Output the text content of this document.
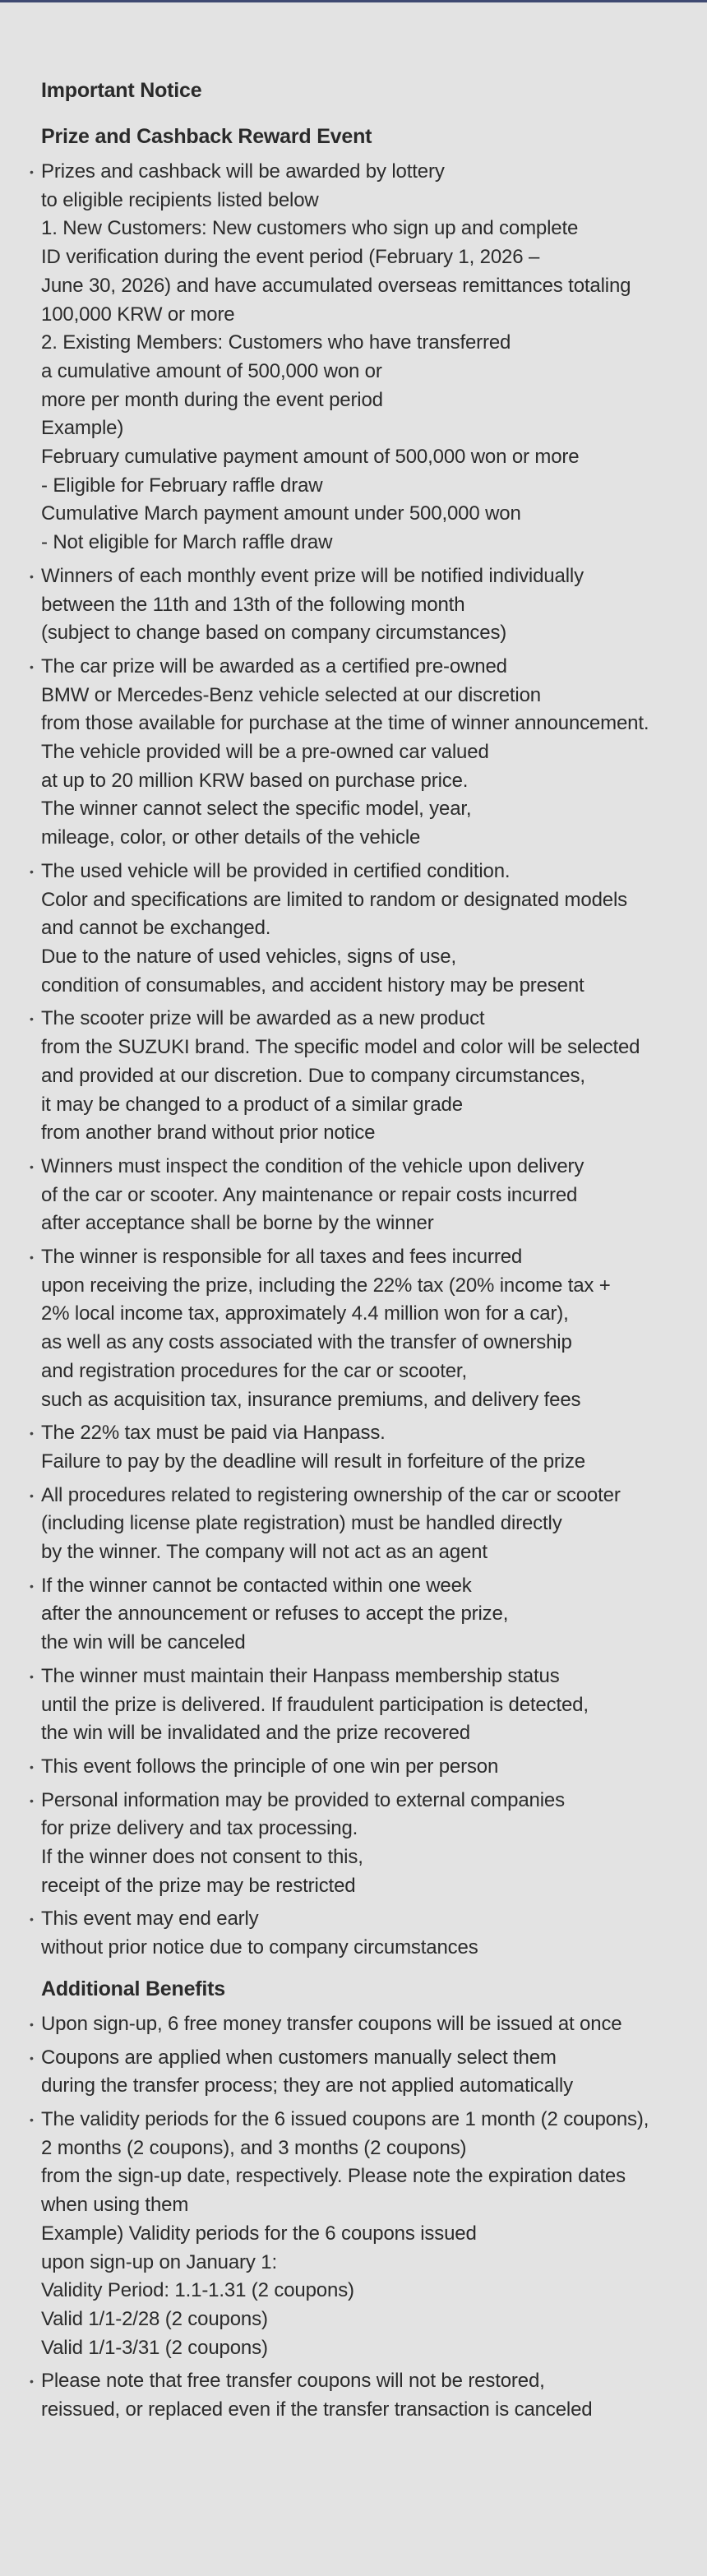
Important Notice
Prize and Cashback Reward Event
• Prizes and cashback will be awarded by lottery
to eligible recipients listed below
1. New Customers: New customers who sign up and complete
ID verification during the event period (February 1, 2026 –
June 30, 2026) and have accumulated overseas remittances totaling
100,000 KRW or more
2. Existing Members: Customers who have transferred
a cumulative amount of 500,000 won or
more per month during the event period
Example)
February cumulative payment amount of 500,000 won or more
- Eligible for February raffle draw
Cumulative March payment amount under 500,000 won
- Not eligible for March raffle draw
• Winners of each monthly event prize will be notified individually
between the 11th and 13th of the following month
(subject to change based on company circumstances)
• The car prize will be awarded as a certified pre-owned
BMW or Mercedes-Benz vehicle selected at our discretion
from those available for purchase at the time of winner announcement.
The vehicle provided will be a pre-owned car valued
at up to 20 million KRW based on purchase price.
The winner cannot select the specific model, year,
mileage, color, or other details of the vehicle
• The used vehicle will be provided in certified condition.
Color and specifications are limited to random or designated models
and cannot be exchanged.
Due to the nature of used vehicles, signs of use,
condition of consumables, and accident history may be present
• The scooter prize will be awarded as a new product
from the SUZUKI brand. The specific model and color will be selected
and provided at our discretion. Due to company circumstances,
it may be changed to a product of a similar grade
from another brand without prior notice
• Winners must inspect the condition of the vehicle upon delivery
of the car or scooter. Any maintenance or repair costs incurred
after acceptance shall be borne by the winner
• The winner is responsible for all taxes and fees incurred
upon receiving the prize, including the 22% tax (20% income tax +
2% local income tax, approximately 4.4 million won for a car),
as well as any costs associated with the transfer of ownership
and registration procedures for the car or scooter,
such as acquisition tax, insurance premiums, and delivery fees
• The 22% tax must be paid via Hanpass.
Failure to pay by the deadline will result in forfeiture of the prize
• All procedures related to registering ownership of the car or scooter
(including license plate registration) must be handled directly
by the winner. The company will not act as an agent
• If the winner cannot be contacted within one week
after the announcement or refuses to accept the prize,
the win will be canceled
• The winner must maintain their Hanpass membership status
until the prize is delivered. If fraudulent participation is detected,
the win will be invalidated and the prize recovered
• This event follows the principle of one win per person
• Personal information may be provided to external companies
for prize delivery and tax processing.
If the winner does not consent to this,
receipt of the prize may be restricted
• This event may end early
without prior notice due to company circumstances
Additional Benefits
• Upon sign-up, 6 free money transfer coupons will be issued at once
• Coupons are applied when customers manually select them
during the transfer process; they are not applied automatically
• The validity periods for the 6 issued coupons are 1 month (2 coupons),
2 months (2 coupons), and 3 months (2 coupons)
from the sign-up date, respectively. Please note the expiration dates
when using them
Example) Validity periods for the 6 coupons issued
upon sign-up on January 1:
Validity Period: 1.1-1.31 (2 coupons)
Valid 1/1-2/28 (2 coupons)
Valid 1/1-3/31 (2 coupons)
• Please note that free transfer coupons will not be restored,
reissued, or replaced even if the transfer transaction is canceled
